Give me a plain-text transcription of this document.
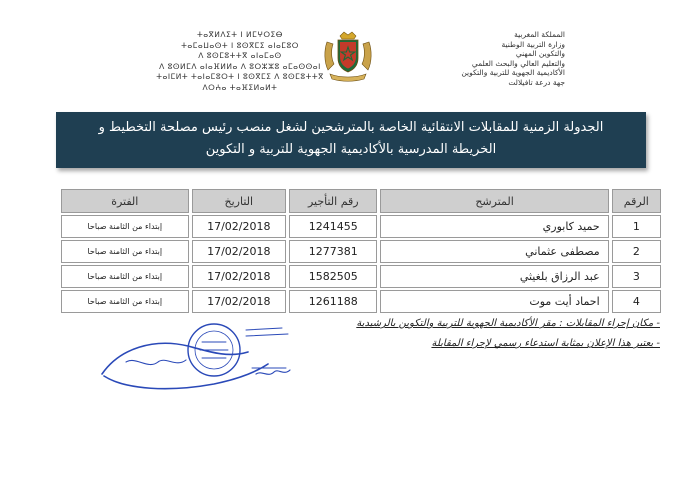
ⵜⴰⴳⵍⴷⵉⵜ ⵏ ⵍⵎⵖⵔⵉⴱ
ⵜⴰⵎⴰⵡⴰⵙⵜ ⵏ ⵓⵙⴳⵎⵉ ⴰⵏⴰⵎⵓⵔ
ⴷ ⵓⵙⵎⵓⵜⵜⴳ ⴰⵏⴰⵎⴰⵙ
ⴷ ⵓⵙⵍⵎⴷ ⴰⵏⴰⴼⵍⵍⴰ ⴷ ⵓⵔⵣⵣⵓ ⴰⵎⴰⵙⵙⴰⵏ
ⵜⴰⵏⵎⵍⵜ ⵜⴰⵏⴰⵎⵓⵔⵜ ⵏ ⵓⵙⴳⵎⵉ ⴷ ⵓⵙⵎⵓⵜⵜⴳ
ⴷⵔⵄⴰ ⵜⴰⴼⵉⵍⴰⵍⵜ
المملكة المغربية
وزارة التربية الوطنية
والتكوين المهني
والتعليم العالي والبحث العلمي
الأكاديمية الجهوية للتربية والتكوين
جهة درعة تافيلالت
الجدولة الزمنية للمقابلات الانتقائية الخاصة بالمترشحين لشغل منصب رئيس مصلحة التخطيط و
الخريطة المدرسية بالأكاديمية الجهوية للتربية و التكوين
الرقم	المترشح	رقم التأجير	التاريخ	الفترة
1	حميد كابوري	1241455	17/02/2018	إبتداء من الثامنة صباحا
2	مصطفى عثماني	1277381	17/02/2018	إبتداء من الثامنة صباحا
3	عبد الرزاق بلغيثي	1582505	17/02/2018	إبتداء من الثامنة صباحا
4	احماد أيت موت	1261188	17/02/2018	إبتداء من الثامنة صباحا
- مكان إجراء المقابلات : مقر الأكاديمية الجهوية للتربية والتكوين بالرشيدية
- يعتبر هذا الإعلان بمثابة استدعاء رسمي لإجراء المقابلة
